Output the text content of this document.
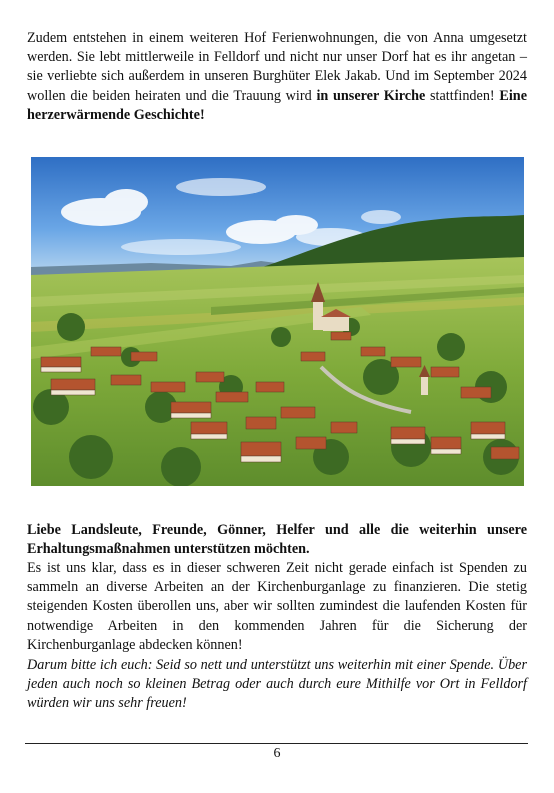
Zudem entstehen in einem weiteren Hof Ferienwohnungen, die von Anna umgesetzt werden. Sie lebt mittlerweile in Felldorf und nicht nur unser Dorf hat es ihr angetan – sie verliebte sich außerdem in unseren Burghüter Elek Jakab. Und im September 2024 wollen die beiden heiraten und die Trauung wird in unserer Kirche stattfinden! Eine herzerwärmende Geschichte!

Liebe Landsleute, Freunde, Gönner, Helfer und alle die weiterhin unsere Erhaltungsmaßnahmen unterstützen möchten.

Es ist uns klar, dass es in dieser schweren Zeit nicht gerade einfach ist Spenden zu sammeln an diverse Arbeiten an der Kirchenburganlage zu finanzieren. Die stetig steigenden Kosten überollen uns, aber wir sollten zumindest die laufenden Kosten für notwendige Arbeiten in den kommenden Jahren für die Sicherung der Kirchenburganlage abdecken können!

Darum bitte ich euch: Seid so nett und unterstützt uns weiterhin mit einer Spende. Über jeden auch noch so kleinen Betrag oder auch durch eure Mithilfe vor Ort in Felldorf würden wir uns sehr freuen!

6
